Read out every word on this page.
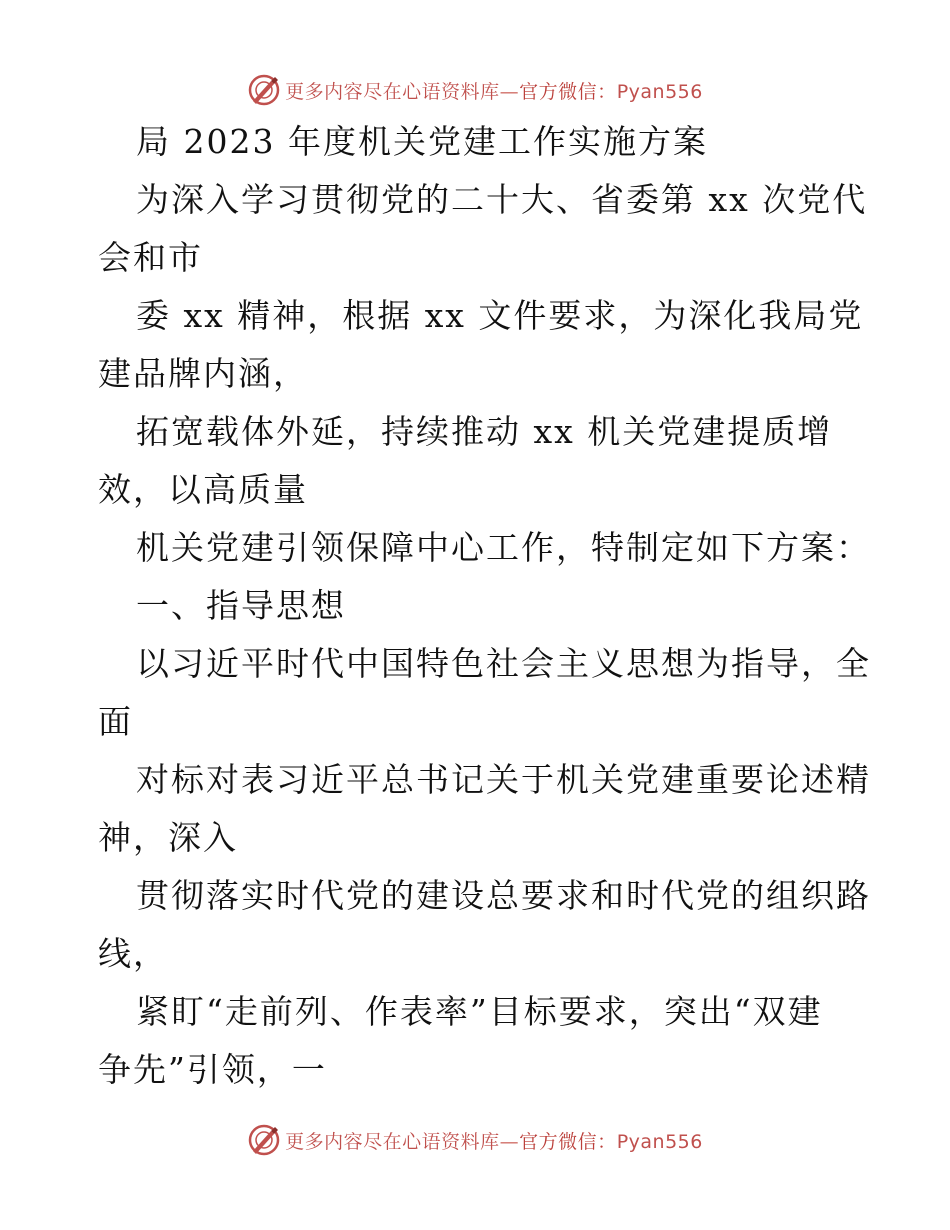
更多内容尽在心语资料库—官方微信：Pyan556
局 2023 年度机关党建工作实施方案
为深入学习贯彻党的二十大、省委第 xx 次党代
会和市
委 xx 精神，根据 xx 文件要求，为深化我局党
建品牌内涵，
拓宽载体外延，持续推动 xx 机关党建提质增
效，以高质量
机关党建引领保障中心工作，特制定如下方案：
一、指导思想
以习近平时代中国特色社会主义思想为指导，全
面
对标对表习近平总书记关于机关党建重要论述精
神，深入
贯彻落实时代党的建设总要求和时代党的组织路
线，
紧盯“走前列、作表率”目标要求，突出“双建
争先”引领，一
更多内容尽在心语资料库—官方微信：Pyan556
